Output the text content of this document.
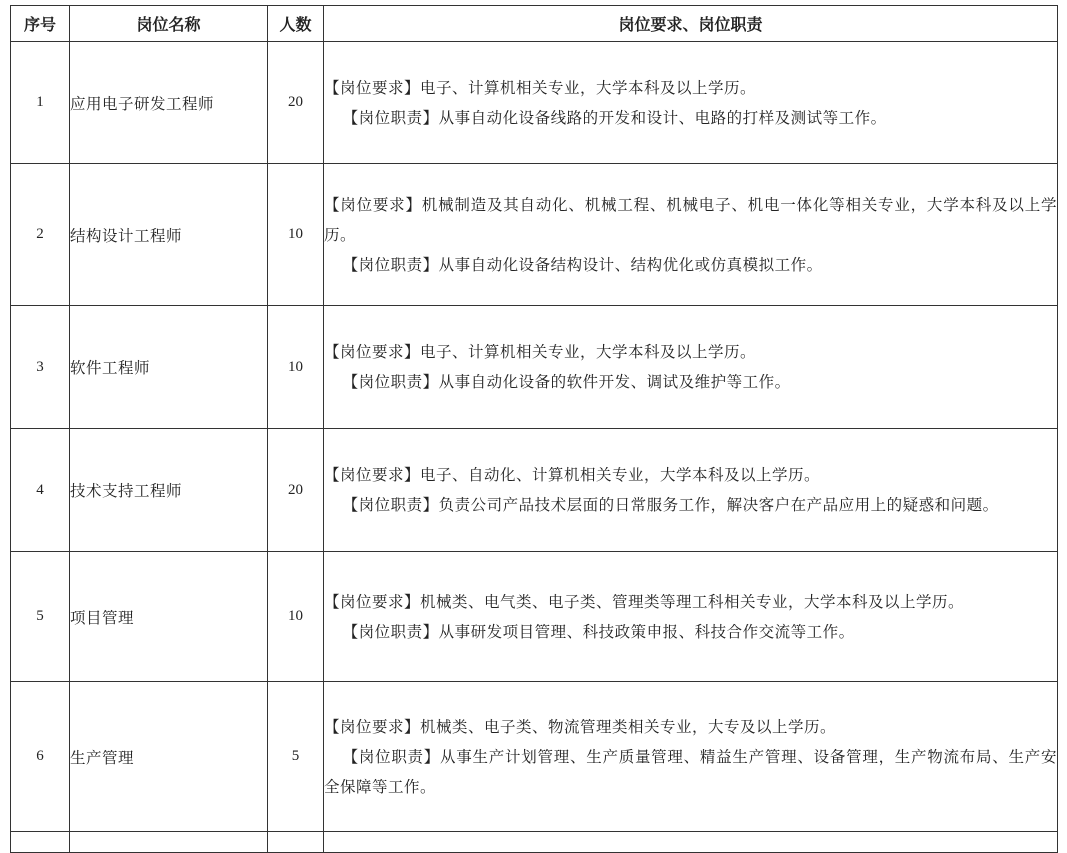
序号	岗位名称	人数	岗位要求、岗位职责
1	应用电子研发工程师	20	【岗位要求】电子、计算机相关专业，大学本科及以上学历。

【岗位职责】从事自动化设备线路的开发和设计、电路的打样及测试等工作。

2	结构设计工程师	10	【岗位要求】机械制造及其自动化、机械工程、机械电子、机电一体化等相关专业，大学本科及以上学历。

【岗位职责】从事自动化设备结构设计、结构优化或仿真模拟工作。

3	软件工程师	10	【岗位要求】电子、计算机相关专业，大学本科及以上学历。

【岗位职责】从事自动化设备的软件开发、调试及维护等工作。

4	技术支持工程师	20	【岗位要求】电子、自动化、计算机相关专业，大学本科及以上学历。

【岗位职责】负责公司产品技术层面的日常服务工作，解决客户在产品应用上的疑惑和问题。

5	项目管理	10	【岗位要求】机械类、电气类、电子类、管理类等理工科相关专业，大学本科及以上学历。

【岗位职责】从事研发项目管理、科技政策申报、科技合作交流等工作。

6	生产管理	5	【岗位要求】机械类、电子类、物流管理类相关专业，大专及以上学历。

【岗位职责】从事生产计划管理、生产质量管理、精益生产管理、设备管理，生产物流布局、生产安全保障等工作。
